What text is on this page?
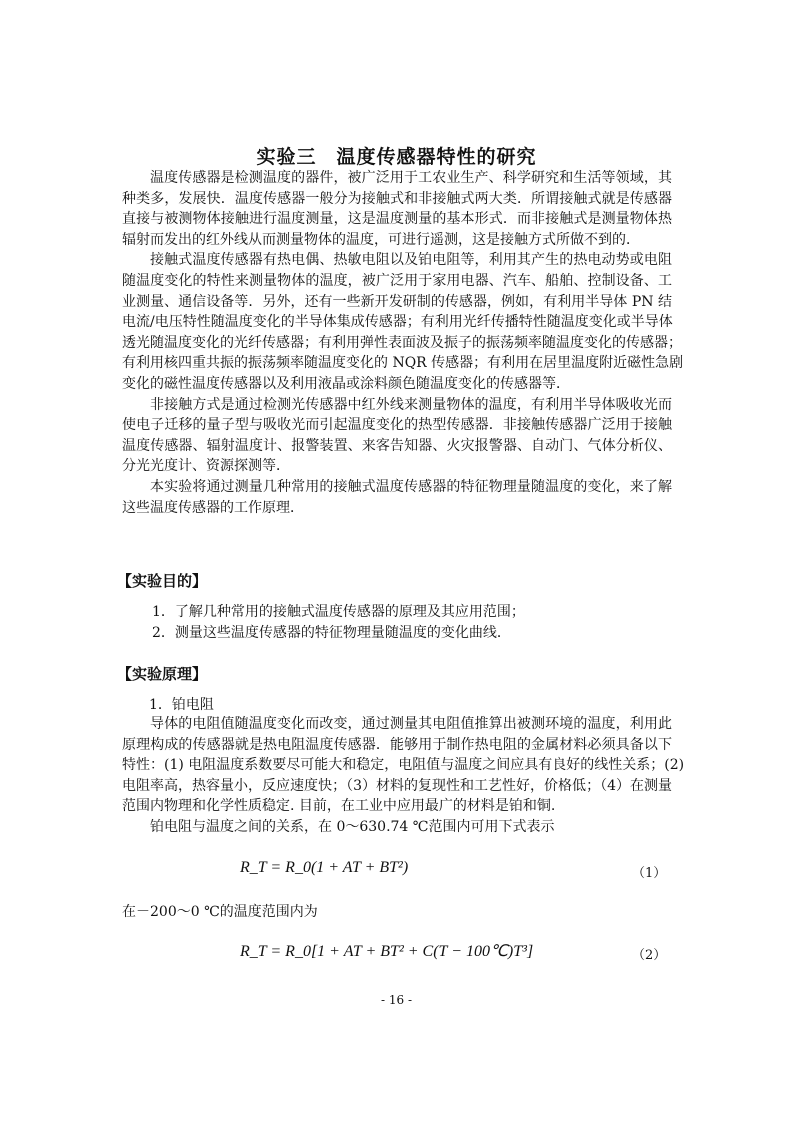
实验三　温度传感器特性的研究
温度传感器是检测温度的器件，被广泛用于工农业生产、科学研究和生活等领域，其
种类多，发展快．温度传感器一般分为接触式和非接触式两大类．所谓接触式就是传感器
直接与被测物体接触进行温度测量，这是温度测量的基本形式．而非接触式是测量物体热
辐射而发出的红外线从而测量物体的温度，可进行遥测，这是接触方式所做不到的．
接触式温度传感器有热电偶、热敏电阻以及铂电阻等，利用其产生的热电动势或电阻
随温度变化的特性来测量物体的温度，被广泛用于家用电器、汽车、船舶、控制设备、工
业测量、通信设备等．另外，还有一些新开发研制的传感器，例如，有利用半导体 PN 结
电流/电压特性随温度变化的半导体集成传感器；有利用光纤传播特性随温度变化或半导体
透光随温度变化的光纤传感器；有利用弹性表面波及振子的振荡频率随温度变化的传感器；
有利用核四重共振的振荡频率随温度变化的 NQR 传感器；有利用在居里温度附近磁性急剧
变化的磁性温度传感器以及利用液晶或涂料颜色随温度变化的传感器等．
非接触方式是通过检测光传感器中红外线来测量物体的温度，有利用半导体吸收光而
使电子迁移的量子型与吸收光而引起温度变化的热型传感器．非接触传感器广泛用于接触
温度传感器、辐射温度计、报警装置、来客告知器、火灾报警器、自动门、气体分析仪、
分光光度计、资源探测等．
本实验将通过测量几种常用的接触式温度传感器的特征物理量随温度的变化，来了解
这些温度传感器的工作原理．
【实验目的】
1．了解几种常用的接触式温度传感器的原理及其应用范围；
2．测量这些温度传感器的特征物理量随温度的变化曲线．
【实验原理】
1．铂电阻
导体的电阻值随温度变化而改变，通过测量其电阻值推算出被测环境的温度，利用此
原理构成的传感器就是热电阻温度传感器．能够用于制作热电阻的金属材料必须具备以下
特性：(1) 电阻温度系数要尽可能大和稳定，电阻值与温度之间应具有良好的线性关系；(2)
电阻率高，热容量小，反应速度快；（3）材料的复现性和工艺性好，价格低；（4）在测量
范围内物理和化学性质稳定. 目前，在工业中应用最广的材料是铂和铜.
铂电阻与温度之间的关系，在 0～630.74 ℃范围内可用下式表示
R_T = R_0(1 + AT + BT²)	（1）
在－200～0 ℃的温度范围内为
R_T = R_0[1 + AT + BT² + C(T − 100℃)T³]	（2）
- 16 -
